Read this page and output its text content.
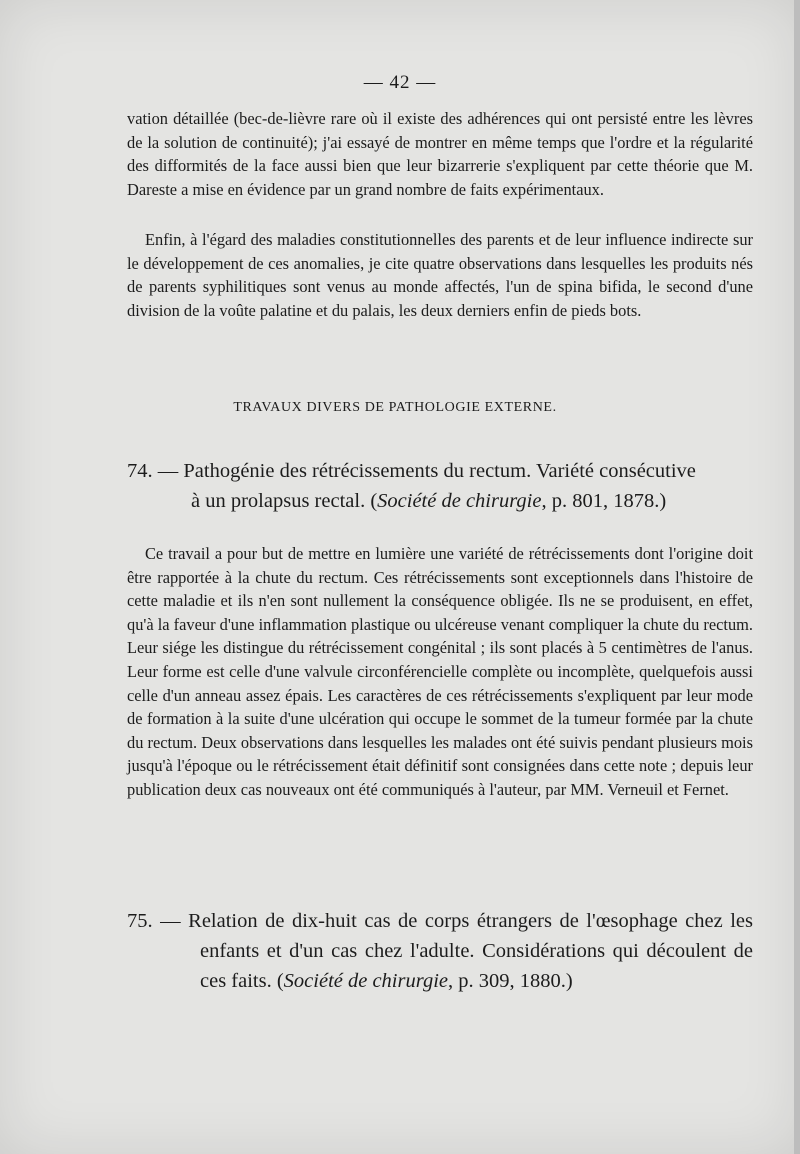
— 42 —

vation détaillée (bec-de-lièvre rare où il existe des adhérences qui ont persisté entre les lèvres de la solution de continuité); j'ai essayé de montrer en même temps que l'ordre et la régularité des difformités de la face aussi bien que leur bizarrerie s'expliquent par cette théorie que M. Dareste a mise en évidence par un grand nombre de faits expérimentaux.

Enfin, à l'égard des maladies constitutionnelles des parents et de leur influence indirecte sur le développement de ces anomalies, je cite quatre observations dans lesquelles les produits nés de parents syphilitiques sont venus au monde affectés, l'un de spina bifida, le second d'une division de la voûte palatine et du palais, les deux derniers enfin de pieds bots.

TRAVAUX DIVERS DE PATHOLOGIE EXTERNE.

74. — Pathogénie des rétrécissements du rectum. Variété consécutive
à un prolapsus rectal. (Société de chirurgie, p. 801, 1878.)

Ce travail a pour but de mettre en lumière une variété de rétrécissements dont l'origine doit être rapportée à la chute du rectum. Ces rétrécissements sont exceptionnels dans l'histoire de cette maladie et ils n'en sont nullement la conséquence obligée. Ils ne se produisent, en effet, qu'à la faveur d'une inflammation plastique ou ulcéreuse venant compliquer la chute du rectum. Leur siége les distingue du rétrécissement congénital ; ils sont placés à 5 centimètres de l'anus. Leur forme est celle d'une valvule circonférencielle complète ou incomplète, quelquefois aussi celle d'un anneau assez épais. Les caractères de ces rétrécissements s'expliquent par leur mode de formation à la suite d'une ulcération qui occupe le sommet de la tumeur formée par la chute du rectum. Deux observations dans lesquelles les malades ont été suivis pendant plusieurs mois jusqu'à l'époque ou le rétrécissement était définitif sont consignées dans cette note ; depuis leur publication deux cas nouveaux ont été communiqués à l'auteur, par MM. Verneuil et Fernet.

75. — Relation de dix-huit cas de corps étrangers de l'œsophage chez les enfants et d'un cas chez l'adulte. Considérations qui découlent de ces faits. (Société de chirurgie, p. 309, 1880.)
